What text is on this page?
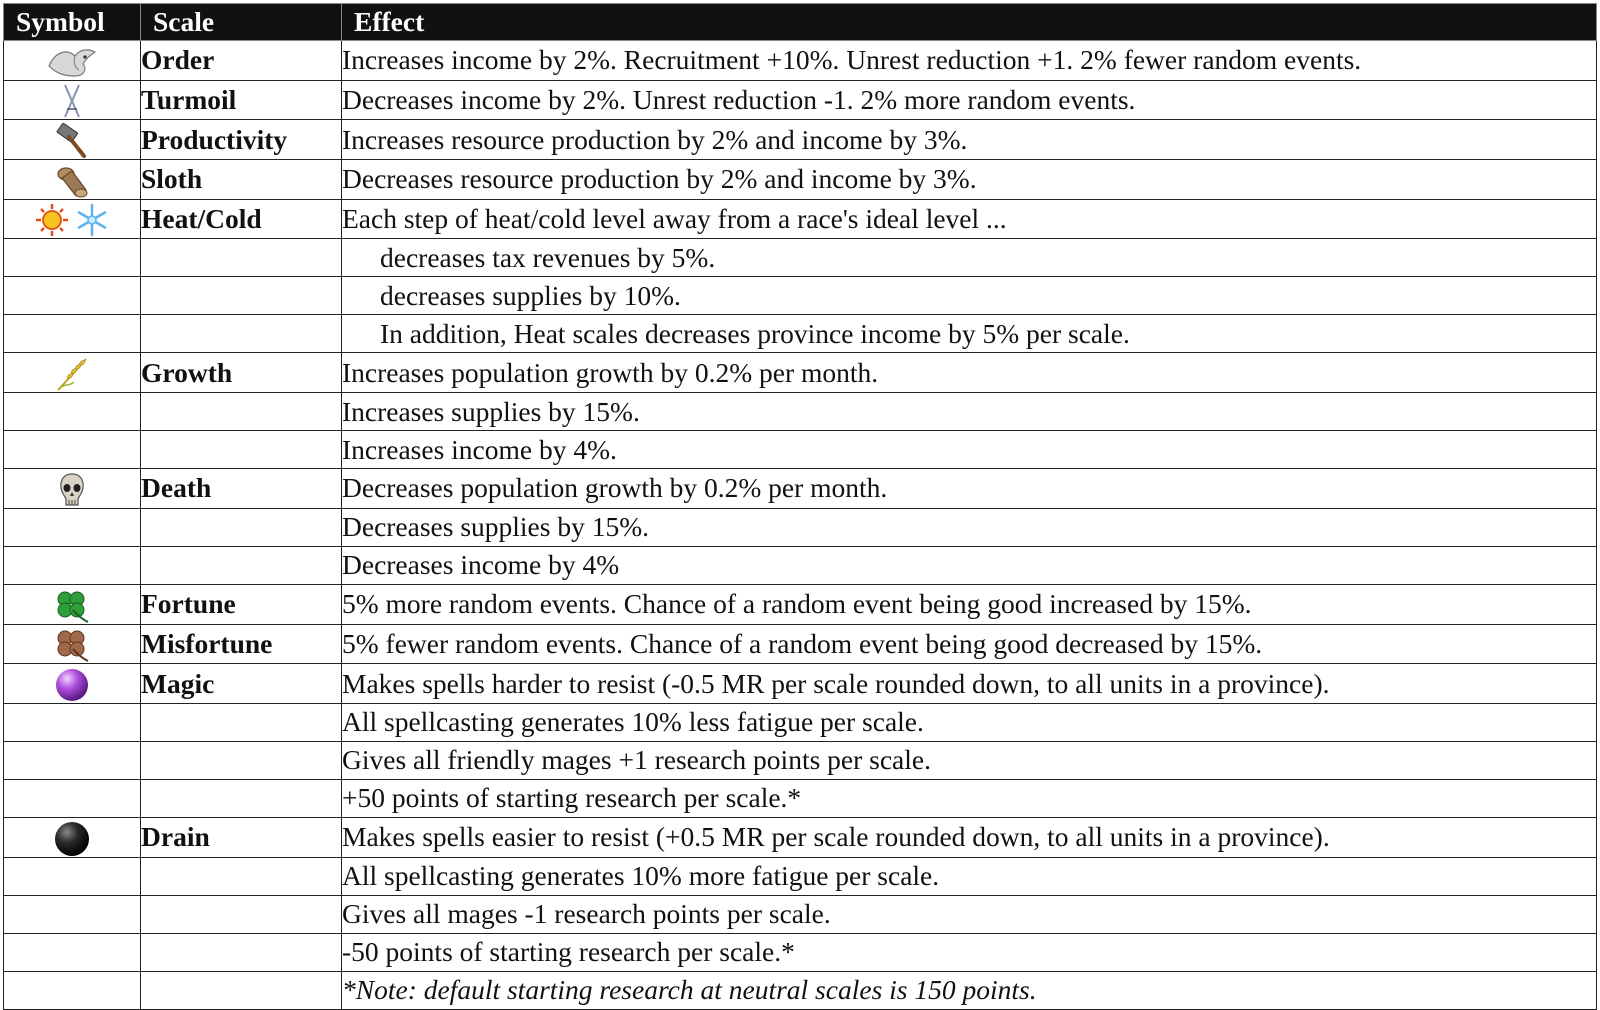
Symbol	Scale	Effect

	Order	Increases income by 2%. Recruitment +10%. Unrest reduction +1. 2% fewer random events.

	Turmoil	Decreases income by 2%. Unrest reduction -1. 2% more random events.

	Productivity	Increases resource production by 2% and income by 3%.

	Sloth	Decreases resource production by 2% and income by 3%.

	Heat/Cold	Each step of heat/cold level away from a race's ideal level ...
		decreases tax revenues by 5%.
		decreases supplies by 10%.
		In addition, Heat scales decreases province income by 5% per scale.

	Growth	Increases population growth by 0.2% per month.
		Increases supplies by 15%.
		Increases income by 4%.

	Death	Decreases population growth by 0.2% per month.
		Decreases supplies by 15%.
		Decreases income by 4%

	Fortune	5% more random events. Chance of a random event being good increased by 15%.

	Misfortune	5% fewer random events. Chance of a random event being good decreased by 15%.

	Magic	Makes spells harder to resist (-0.5 MR per scale rounded down, to all units in a province).
		All spellcasting generates 10% less fatigue per scale.
		Gives all friendly mages +1 research points per scale.
		+50 points of starting research per scale.*

	Drain	Makes spells easier to resist (+0.5 MR per scale rounded down, to all units in a province).
		All spellcasting generates 10% more fatigue per scale.
		Gives all mages -1 research points per scale.
		-50 points of starting research per scale.*
		*Note: default starting research at neutral scales is 150 points.
